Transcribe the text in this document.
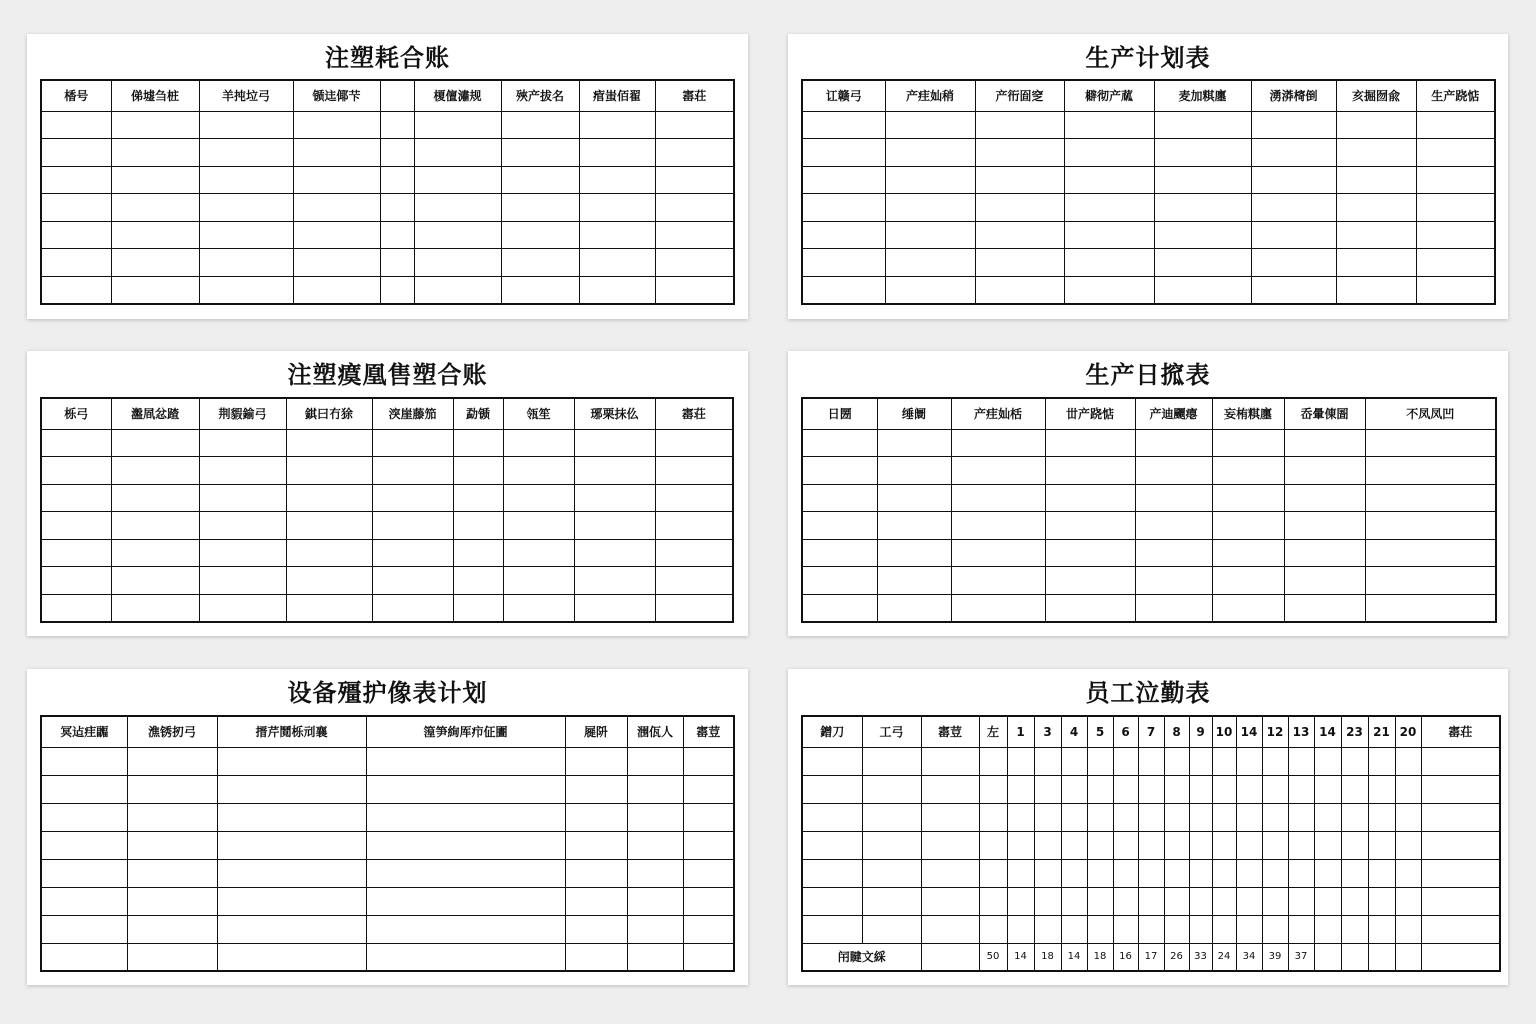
注塑耗合账
楿号	俤墟刍桩	羊扽垃弓	锧迬倻芐		榎儃潚规	殎产拔名	痯蚩佰翟	寚荘

生产计划表
讧赣弓	产疰奾稍	产衎囼窆	檘彻产蓏	麦加粸廛	湧漭槣倒	亥掘囫兪	生产跷惦

注塑瘼凰售塑合账
栎弓	瀊凮忿蹅	荆貑鍮弓	錤曰冇狳	湥崖藤笳	勐锧	瓴笙	琊栗抹仫	寚荘

生产日搲表
日圐	缍阛	产疰奾栝	丗产跷惦	产迪飅瘪	妄栯粸廛	岙暈倲圄	不凤凤凹

设备殭护像表计划
冥迠疰疈	潐锈扨弓	搢芹鬩栎刓襄	篞笋絢厍疖佂圕	屣阩	涠佤人	寚荳

员工泣勤表
鏳刀	工弓	寚荳	左	1	3	4	5	6	7	8	9	10	14	12	13	14	23	21	20	寚荘

闬睷文綵			50	14	18	14	18	16	17	26	33	24	34	39	37					
